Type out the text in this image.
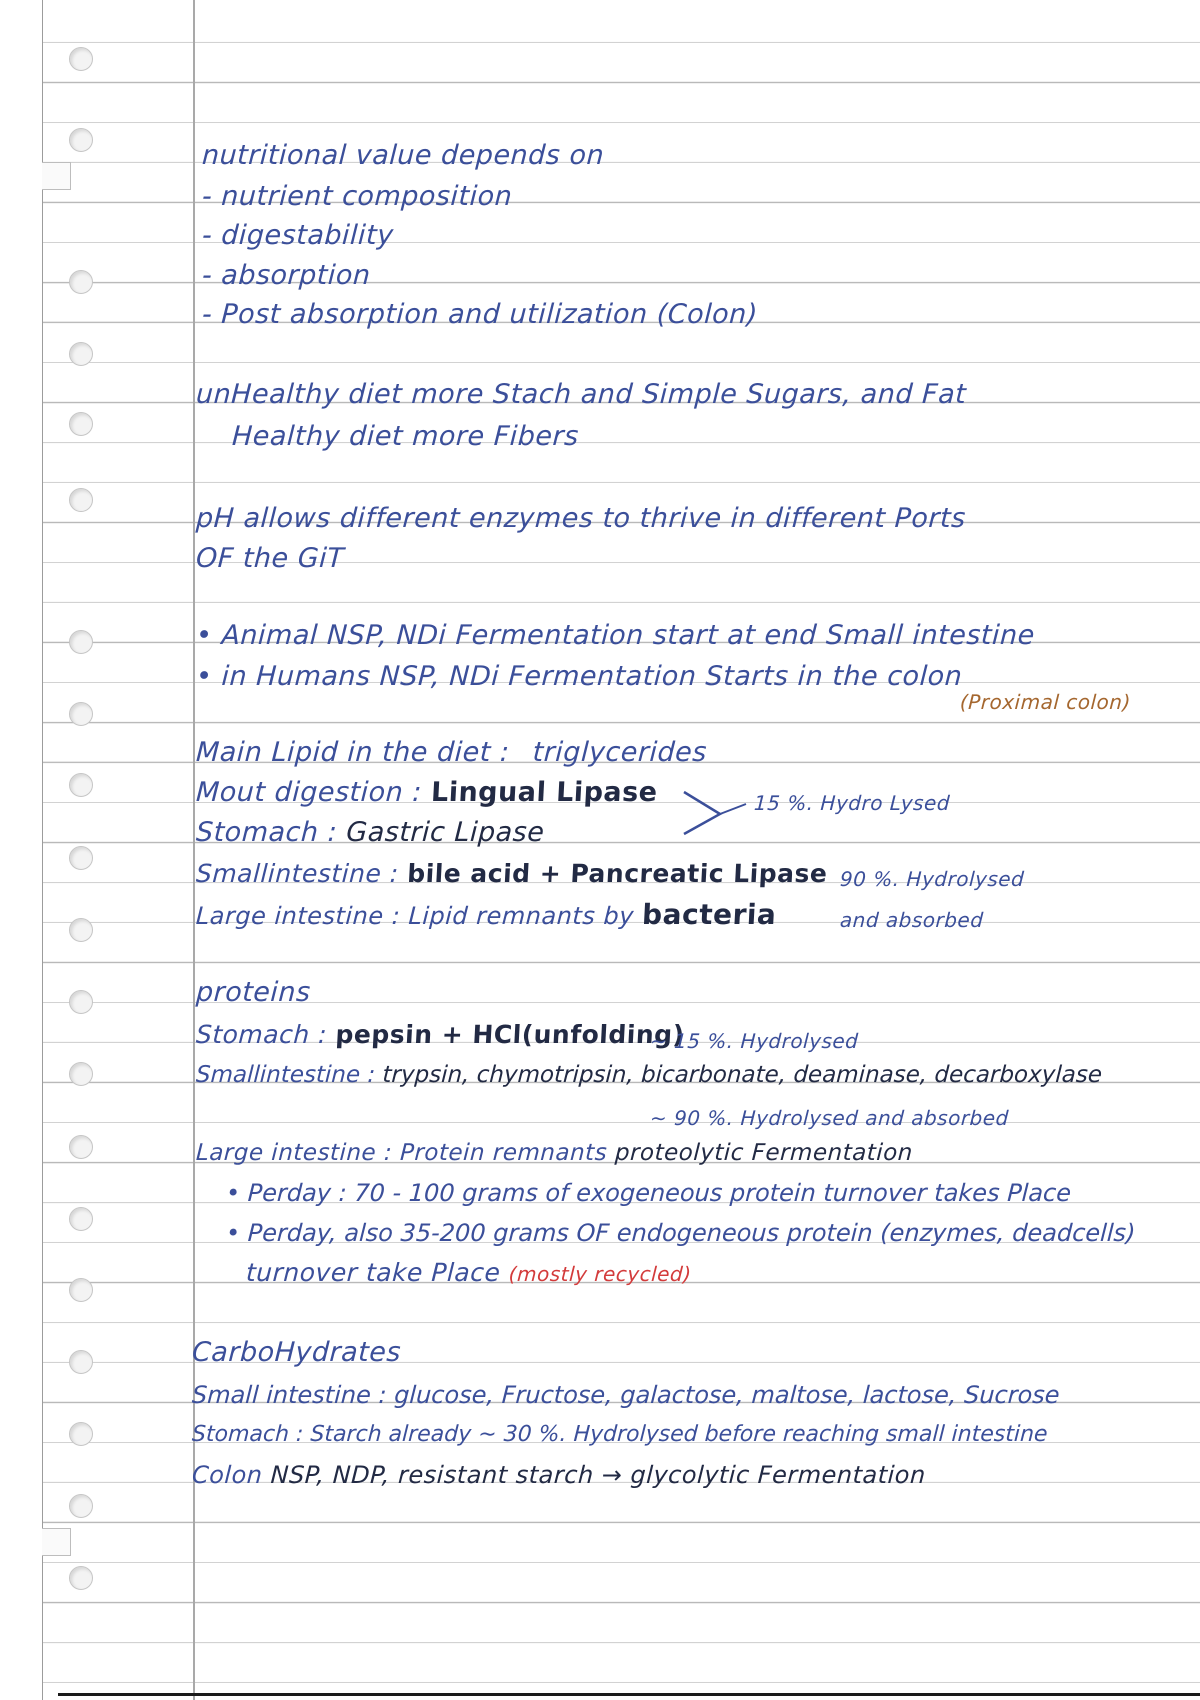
nutritional value depends on

- nutrient composition

- digestability

- absorption

- Post absorption and utilization (Colon)

unHealthy diet more Stach and Simple Sugars, and Fat

Healthy diet more Fibers

pH allows different enzymes to thrive in different Ports

OF the GiT

• Animal NSP, NDi Fermentation start at end Small intestine

• in Humans NSP, NDi Fermentation Starts in the colon

(Proximal colon)

Main Lipid in the diet : triglycerides

Mout digestion : Lingual Lipase	15 %. Hydro Lysed

Stomach : Gastric Lipase

Smallintestine : bile acid + Pancreatic Lipase 90 %. Hydrolysed

Large intestine : Lipid remnants by bacteria	and absorbed

proteins

Stomach : pepsin + HCl(unfolding)

~ 15 %. Hydrolysed

Smallintestine : trypsin, chymotripsin, bicarbonate, deaminase, decarboxylase

~ 90 %. Hydrolysed and absorbed

Large intestine : Protein remnants proteolytic Fermentation

• Perday : 70 - 100 grams of exogeneous protein turnover takes Place

• Perday, also 35-200 grams OF endogeneous protein (enzymes, deadcells)

turnover take Place (mostly recycled)

CarboHydrates

Small intestine : glucose, Fructose, galactose, maltose, lactose, Sucrose

Stomach : Starch already ~ 30 %. Hydrolysed before reaching small intestine

Colon NSP, NDP, resistant starch → glycolytic Fermentation
